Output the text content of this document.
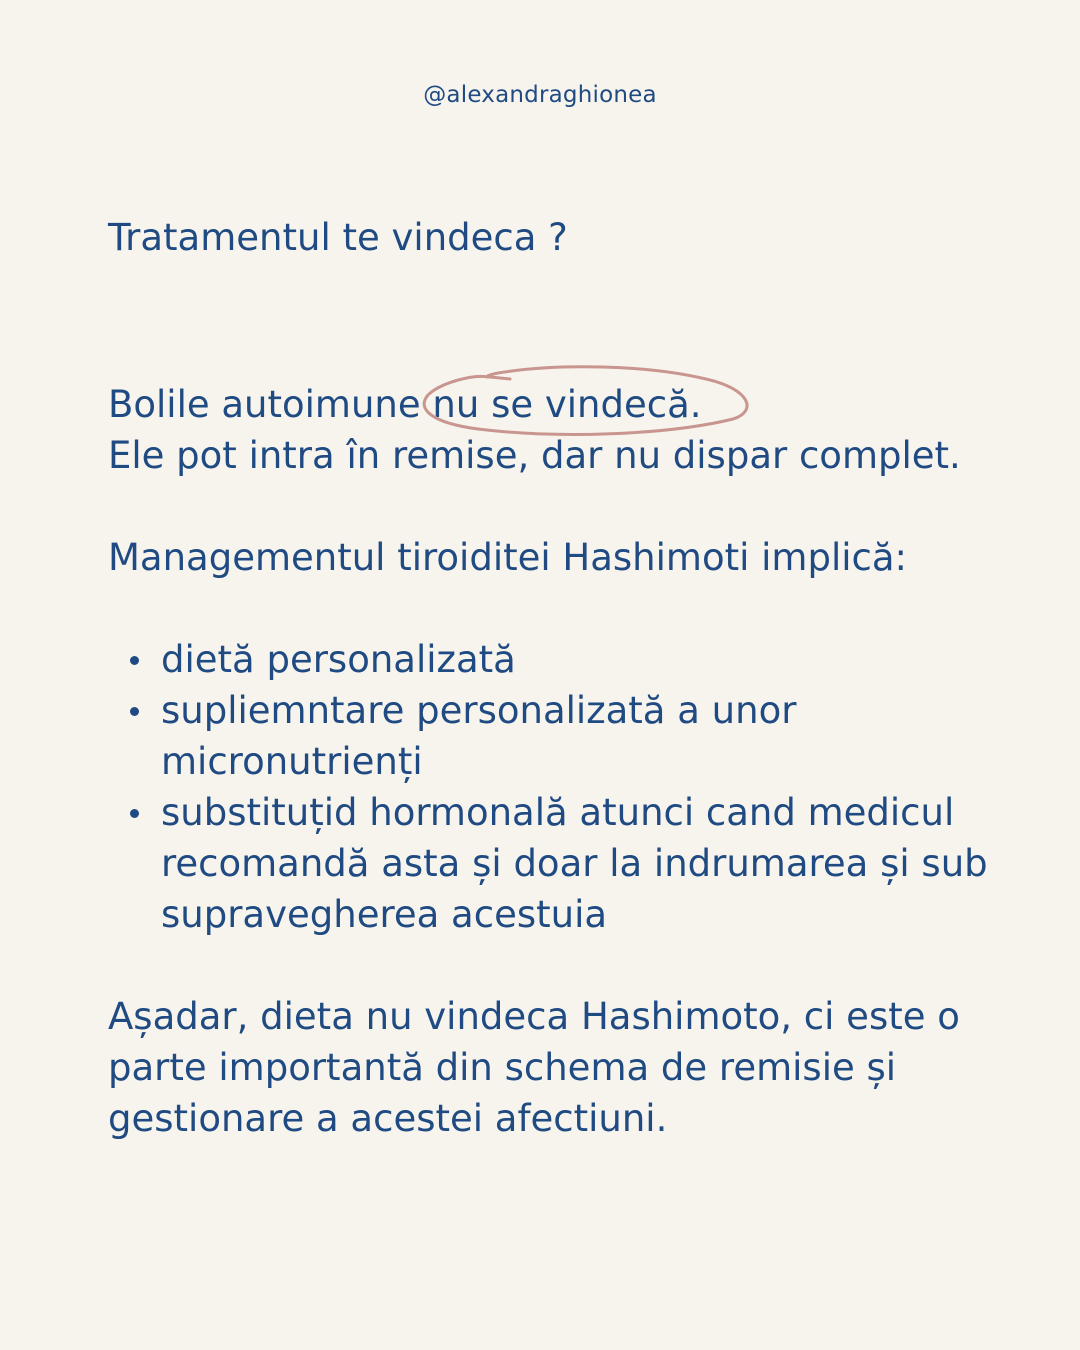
@alexandraghionea
Tratamentul te vindeca ?

Bolile autoimune nu se vindecă.

Ele pot intra în remise, dar nu dispar complet.

Managementul tiroiditei Hashimoti implică:

dietă personalizată
supliemntare personalizată a unor
micronutrienți
substituțid hormonală atunci cand medicul
recomandă asta și doar la indrumarea și sub
supravegherea acestuia

Așadar, dieta nu vindeca Hashimoto, ci este o

parte importantă din schema de remisie și

gestionare a acestei afectiuni.
